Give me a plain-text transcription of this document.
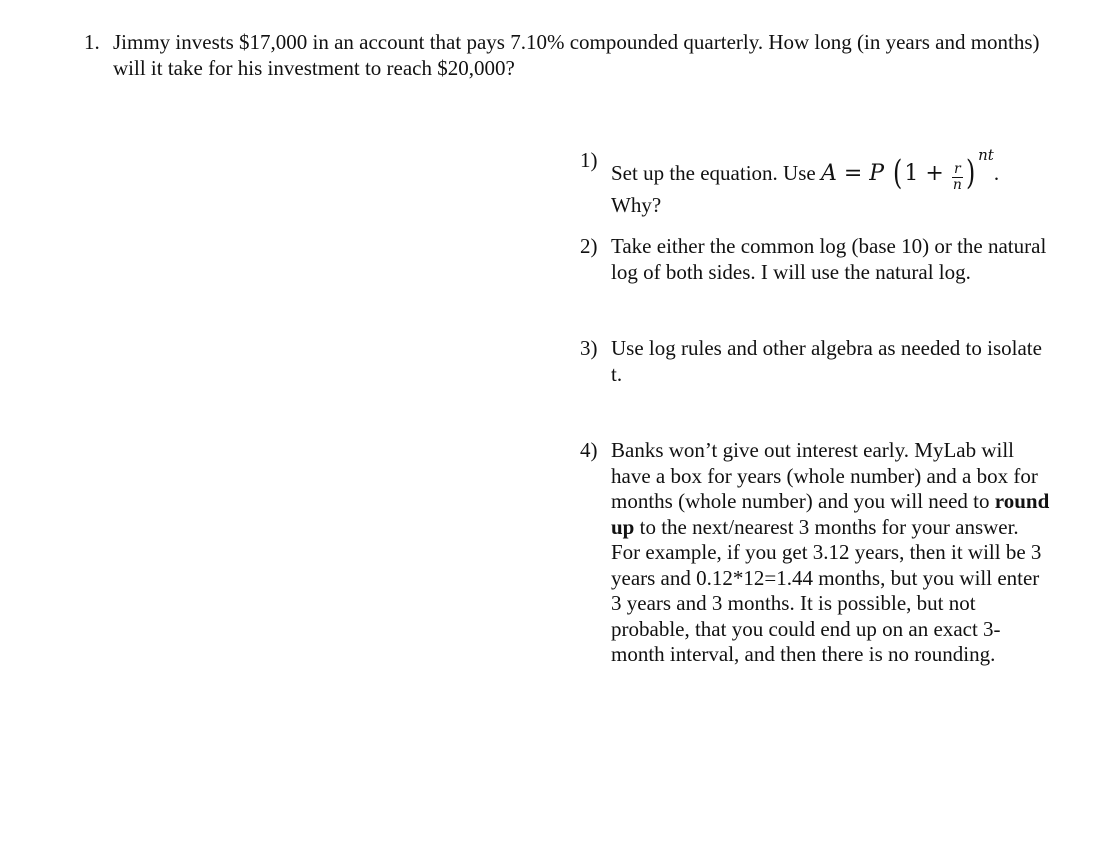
1. Jimmy invests $17,000 in an account that pays 7.10% compounded quarterly. How long (in years and months) will it take for his investment to reach $20,000?
1)
Set up the equation. Use A = P ($1 + \frac{r}{n}$ ) nt.
Why?
2) Take either the common log (base 10) or the natural log of both sides. I will use the natural log.
3) Use log rules and other algebra as needed to isolate t.
4) Banks won’t give out interest early. MyLab will have a box for years (whole number) and a box for months (whole number) and you will need to round up to the next/nearest 3 months for your answer. For example, if you get 3.12 years, then it will be 3 years and 0.12*12=1.44 months, but you will enter 3 years and 3 months. It is possible, but not probable, that you could end up on an exact 3-month interval, and then there is no rounding.
